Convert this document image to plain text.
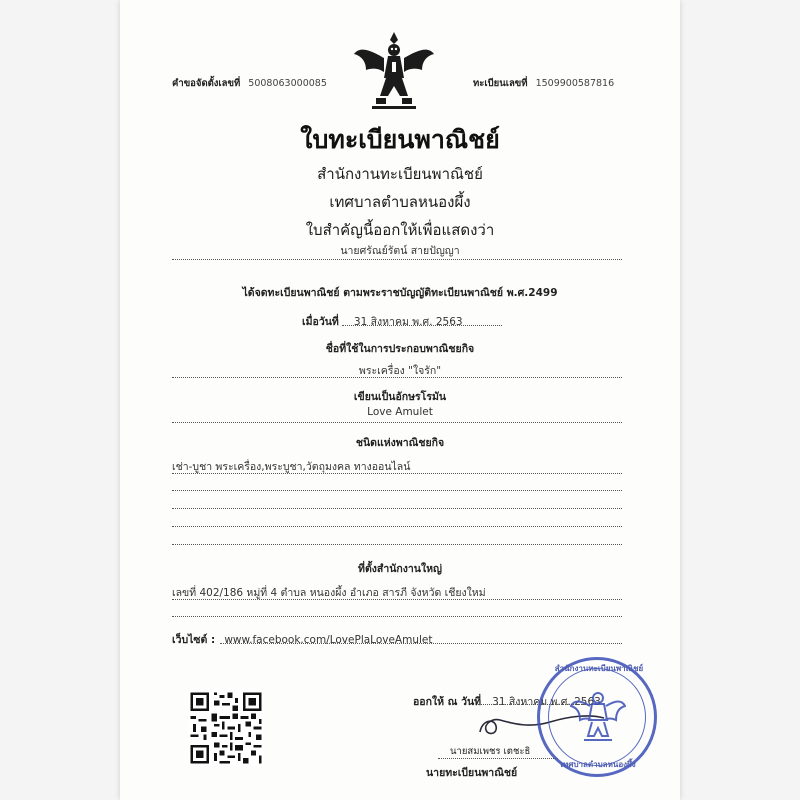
คำขอจัดตั้งเลขที่ 5008063000085	ทะเบียนเลขที่ 1509900587816
ใบทะเบียนพาณิชย์
สำนักงานทะเบียนพาณิชย์
เทศบาลตำบลหนองผึ้ง
ใบสำคัญนี้ออกให้เพื่อแสดงว่า
นายศรัณย์รัตน์ สายปัญญา
ได้จดทะเบียนพาณิชย์ ตามพระราชบัญญัติทะเบียนพาณิชย์ พ.ศ.2499
เมื่อวันที่ 31 สิงหาคม พ.ศ. 2563
ชื่อที่ใช้ในการประกอบพาณิชยกิจ
พระเครื่อง "ใจรัก"
เขียนเป็นอักษรโรมัน
Love Amulet
ชนิดแห่งพาณิชยกิจ
เช่า-บูชา พระเครื่อง,พระบูชา,วัตถุมงคล ทางออนไลน์
ที่ตั้งสำนักงานใหญ่
เลขที่ 402/186 หมู่ที่ 4 ตำบล หนองผึ้ง อำเภอ สารภี จังหวัด เชียงใหม่
เว็บไซต์ : www.facebook.com/LovePlaLoveAmulet
ออกให้ ณ วันที่ 31 สิงหาคม พ.ศ. 2563
สำนักงานทะเบียนพาณิชย์
เทศบาลตำบลหนองผึ้ง
นายสมเพชร เตชะธิ
นายทะเบียนพาณิชย์
